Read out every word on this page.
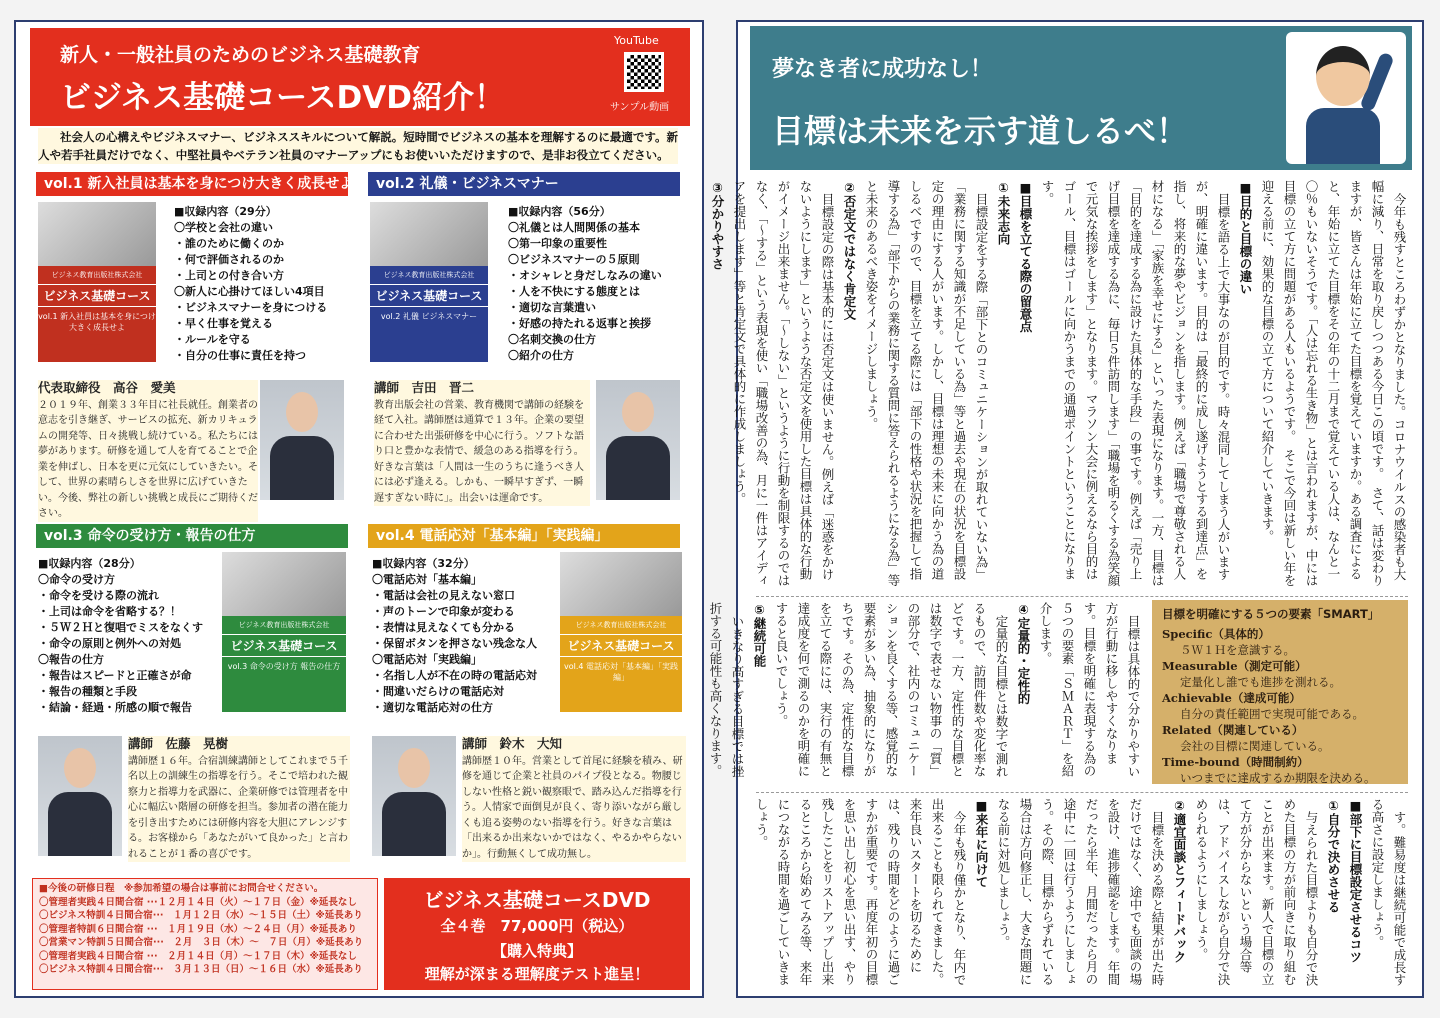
新人・一般社員のためのビジネス基礎教育
ビジネス基礎コースDVD紹介！
YouTube
サンプル動画
社会人の心構えやビジネスマナー、ビジネススキルについて解説。短時間でビジネスの基本を理解するのに最適です。新人や若手社員だけでなく、中堅社員やベテラン社員のマナーアップにもお使いいただけますので、是非お役立てください。
vol.1 新入社員は基本を身につけ大きく成長せよ
ビジネス教育出版社株式会社
ビジネス基礎コース
vol.1 新入社員は基本を身につけ大きく成長せよ
■収録内容（29分）
〇学校と会社の違い
・誰のために働くのか
・何で評価されるのか
・上司との付き合い方
〇新人に心掛けてほしい4項目
・ビジネスマナーを身につける
・早く仕事を覚える
・ルールを守る
・自分の仕事に責任を持つ
代表取締役　高谷　愛美
２０１９年、創業３３年目に社長就任。創業者の意志を引き継ぎ、サービスの拡充、新カリキュラムの開発等、日々挑戦し続けている。私たちには夢があります。研修を通して人を育てることで企業を伸ばし、日本を更に元気にしていきたい。そして、世界の素晴らしさを世界に広げていきたい。今後、弊社の新しい挑戦と成長にご期待ください。
vol.2 礼儀・ビジネスマナー
ビジネス教育出版社株式会社
ビジネス基礎コース
vol.2 礼儀 ビジネスマナー
■収録内容（56分）
〇礼儀とは人間関係の基本
〇第一印象の重要性
〇ビジネスマナーの５原則
・オシャレと身だしなみの違い
・人を不快にする態度とは
・適切な言葉遣い
・好感の持たれる返事と挨拶
〇名刺交換の仕方
〇紹介の仕方
講師　吉田　晋二
教育出版会社の営業、教育機関で講師の経験を経て入社。講師歴は通算で１３年。企業の要望に合わせた出張研修を中心に行う。ソフトな語り口と豊かな表情で、緩急のある指導を行う。好きな言葉は「人間は一生のうちに逢うべき人には必ず逢える。しかも、一瞬早すぎず、一瞬遅すぎない時に」。出会いは運命です。
vol.3 命令の受け方・報告の仕方
■収録内容（28分）
〇命令の受け方
・命令を受ける際の流れ
・上司は命令を省略する？！
・５Ｗ２Ｈと復唱でミスをなくす
・命令の原則と例外への対処
〇報告の仕方
・報告はスピードと正確さが命
・報告の種類と手段
・結論・経過・所感の順で報告
ビジネス教育出版社株式会社
ビジネス基礎コース
vol.3 命令の受け方 報告の仕方
講師　佐藤　晃樹
講師歴１６年。合宿訓練講師としてこれまで５千名以上の訓練生の指導を行う。そこで培われた観察力と指導力を武器に、企業研修では管理者を中心に幅広い階層の研修を担当。参加者の潜在能力を引き出すためには研修内容を大胆にアレンジする。お客様から「あなたがいて良かった」と言われることが１番の喜びです。
vol.4 電話応対「基本編」「実践編」
■収録内容（32分）
〇電話応対「基本編」
・電話は会社の見えない窓口
・声のトーンで印象が変わる
・表情は見えなくても分かる
・保留ボタンを押さない残念な人
〇電話応対「実践編」
・名指し人が不在の時の電話応対
・間違いだらけの電話応対
・適切な電話応対の仕方
ビジネス教育出版社株式会社
ビジネス基礎コース
vol.4 電話応対「基本編」「実践編」
講師　鈴木　大知
講師歴１０年。営業として首尾に経験を積み、研修を通じて企業と社員のパイプ役となる。物腰じしない性格と鋭い観察眼で、踏み込んだ指導を行う。人情家で面倒見が良く、寄り添いながら厳しくも追る姿勢のない指導を行う。好きな言葉は「出来るか出来ないかではなく、やるかやらないか」。行動無くして成功無し。
■今後の研修日程　※参加希望の場合は事前にお問合せください。
〇管理者実践４日間合宿 ···１２月１４日（火）～１７日（金）※延長なし
〇ビジネス特訓４日間合宿···　１月１２日（水）～１５日（土）※延長あり
〇管理者特訓６日間合宿 ···　１月１９日（水）～２４日（月）※延長あり
〇営業マン特訓５日間合宿···　２月　３日（木）～　７日（月）※延長あり
〇管理者実践４日間合宿 ···　２月１４日（月）～１７日（木）※延長なし
〇ビジネス特訓４日間合宿···　３月１３日（日）～１６日（水）※延長あり
ビジネス基礎コースDVD
全４巻　77,000円（税込）
【購入特典】
理解が深まる理解度テスト進呈！
夢なき者に成功なし！
目標は未来を示す道しるべ！

今年も残すところわずかとなりました。コロナウイルスの感染者も大幅に減り、日常を取り戻しつつある今日この頃です。　さて、話は変わりますが、皆さんは年始に立てた目標を覚えていますか。ある調査によると、年始に立てた目標をその年の十二月まで覚えている人は、なんと一〇％もいないそうです。「人は忘れる生き物」とは言われますが、中には目標の立て方に問題がある人もいるようです。　そこで今回は新しい年を迎える前に、効果的な目標の立て方について紹介していきます。

■目的と目標の違い

目標を語る上で大事なのが目的です。時々混同してしまう人がいますが、明確に違います。目的は「最終的に成し遂げようとする到達点」を指し、将来的な夢やビジョンを指します。例えば「職場で尊敬される人材になる」「家族を幸せにする」といった表現になります。一方、目標は「目的を達成する為に設けた具体的な手段」の事です。例えば「売り上げ目標を達成する為に、毎日５件訪問します」「職場を明るくする為笑顔で元気な挨拶をします」となります。マラソン大会に例えるなら目的はゴール、目標はゴールに向かうまでの通過ポイントということになります。

■目標を立てる際の留意点
①未来志向

目標設定をする際「部下とのコミュニケーションが取れていない為」「業務に関する知識が不足している為」等と過去や現在の状況を目標設定の理由にする人がいます。しかし、目標は理想の未来に向かう為の道しるべですので、目標を立てる際には「部下の性格や状況を把握して指導する為」「部下からの業務に関する質問に答えられるようになる為」等と未来のあるべき姿をイメージしましょう。

②否定文ではなく肯定文

目標設定の際は基本的には否定文は使いません。例えば「迷惑をかけないようにします」というような否定文を使用した目標は具体的な行動がイメージ出来ません。「～しない」というように行動を制限するのではなく、「～する」という表現を使い「職場改善の為、月に一件はアイディアを提出します」等と肯定文で具体的に作成しましょう。

③分かりやすさ

目標は具体的で分かりやすい方が行動に移しやすくなります。目標を明確に表現する為の５つの要素「ＳＭＡＲＴ」を紹介します。

④定量的・定性的

定量的な目標とは数字で測れるもので、訪問件数や変化率などです。一方、定性的な目標とは数字で表せない物事の「質」の部分で、社内のコミュニケーションを良くする等、感覚的な要素が多い為、抽象的になりがちです。その為、定性的な目標を立てる際には、実行の有無と達成度を何で測るのかを明確にすると良いでしょう。

⑤継続可能

いきなり高すぎる目標では挫折する可能性も高くなります。	目標を明確にする５つの要素「SMART」
Specific（具体的）
５Ｗ１Ｈを意識する。
Measurable（測定可能）
定量化し誰でも進捗を測れる。
Achievable（達成可能）
自分の責任範囲で実現可能である。
Related（関連している）
会社の目標に関連している。
Time-bound（時間制約）
いつまでに達成するか期限を決める。

す。難易度は継続可能で成長する高さに設定しましょう。

■部下に目標設定させるコツ
①自分で決めさせる

与えられた目標よりも自分で決めた目標の方が前向きに取り組むことが出来ます。新人で目標の立て方が分からないという場合等は、アドバイスしながら自分で決められるようにしましょう。

②適宜面談とフィードバック

目標を決める際と結果が出た時だけではなく、途中でも面談の場を設け、進捗確認をします。年間だったら半年、月間だったら月の途中に一回は行うようにしましょう。その際、目標からずれている場合は方向修正し、大きな問題になる前に対処しましょう。

■来年に向けて

今年も残り僅かとなり、年内で出来ることも限られてきました。来年良いスタートを切るためには、残りの時間をどのように過ごすかが重要です。再度年初の目標を思い出し初心を思い出す、やり残したことをリストアップし出来るところから始めてみる等、来年につながる時間を過ごしていきましょう。
